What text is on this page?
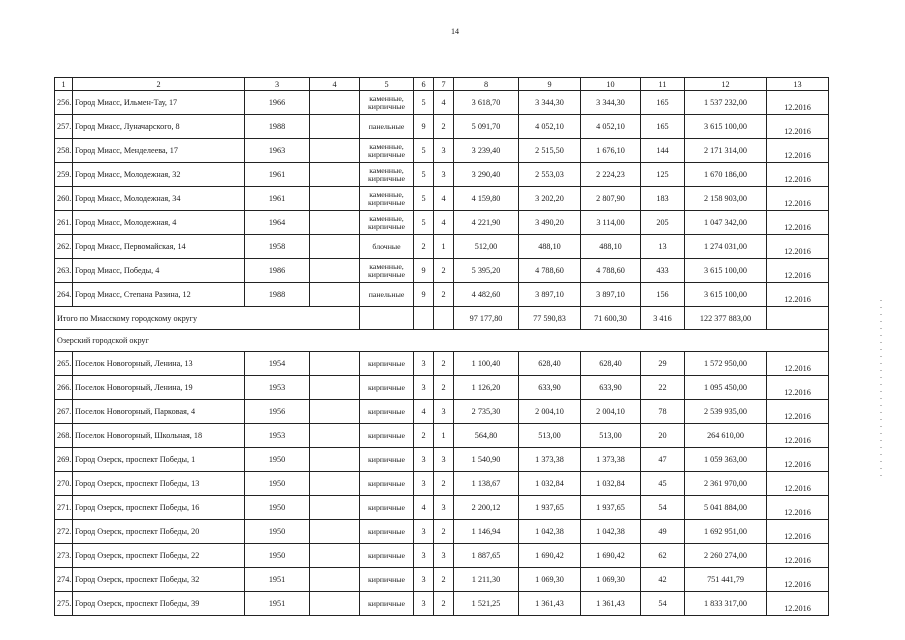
14
1	2	3	4	5	6	7	8	9	10	11	12	13
256.	Город Миасс, Ильмен-Тау, 17	1966		каменные, кирпичные	5	4	3 618,70	3 344,30	3 344,30	165	1 537 232,00	12.2016
257.	Город Миасс, Луначарского, 8	1988		панельные	9	2	5 091,70	4 052,10	4 052,10	165	3 615 100,00	12.2016
258.	Город Миасс, Менделеева, 17	1963		каменные, кирпичные	5	3	3 239,40	2 515,50	1 676,10	144	2 171 314,00	12.2016
259.	Город Миасс, Молодежная, 32	1961		каменные, кирпичные	5	3	3 290,40	2 553,03	2 224,23	125	1 670 186,00	12.2016
260.	Город Миасс, Молодежная, 34	1961		каменные, кирпичные	5	4	4 159,80	3 202,20	2 807,90	183	2 158 903,00	12.2016
261.	Город Миасс, Молодежная, 4	1964		каменные, кирпичные	5	4	4 221,90	3 490,20	3 114,00	205	1 047 342,00	12.2016
262.	Город Миасс, Первомайская, 14	1958		блочные	2	1	512,00	488,10	488,10	13	1 274 031,00	12.2016
263.	Город Миасс, Победы, 4	1986		каменные, кирпичные	9	2	5 395,20	4 788,60	4 788,60	433	3 615 100,00	12.2016
264.	Город Миасс, Степана Разина, 12	1988		панельные	9	2	4 482,60	3 897,10	3 897,10	156	3 615 100,00	12.2016
Итого по Миасскому городскому округу							97 177,80	77 590,83	71 600,30	3 416	122 377 883,00	
Озерский городской округ												
265.	Поселок Новогорный, Ленина, 13	1954		кирпичные	3	2	1 100,40	628,40	628,40	29	1 572 950,00	12.2016
266.	Поселок Новогорный, Ленина, 19	1953		кирпичные	3	2	1 126,20	633,90	633,90	22	1 095 450,00	12.2016
267.	Поселок Новогорный, Парковая, 4	1956		кирпичные	4	3	2 735,30	2 004,10	2 004,10	78	2 539 935,00	12.2016
268.	Поселок Новогорный, Школьная, 18	1953		кирпичные	2	1	564,80	513,00	513,00	20	264 610,00	12.2016
269.	Город Озерск, проспект Победы, 1	1950		кирпичные	3	3	1 540,90	1 373,38	1 373,38	47	1 059 363,00	12.2016
270.	Город Озерск, проспект Победы, 13	1950		кирпичные	3	2	1 138,67	1 032,84	1 032,84	45	2 361 970,00	12.2016
271.	Город Озерск, проспект Победы, 16	1950		кирпичные	4	3	2 200,12	1 937,65	1 937,65	54	5 041 884,00	12.2016
272.	Город Озерск, проспект Победы, 20	1950		кирпичные	3	2	1 146,94	1 042,38	1 042,38	49	1 692 951,00	12.2016
273.	Город Озерск, проспект Победы, 22	1950		кирпичные	3	3	1 887,65	1 690,42	1 690,42	62	2 260 274,00	12.2016
274.	Город Озерск, проспект Победы, 32	1951		кирпичные	3	2	1 211,30	1 069,30	1 069,30	42	751 441,79	12.2016
275.	Город Озерск, проспект Победы, 39	1951		кирпичные	3	2	1 521,25	1 361,43	1 361,43	54	1 833 317,00	12.2016
